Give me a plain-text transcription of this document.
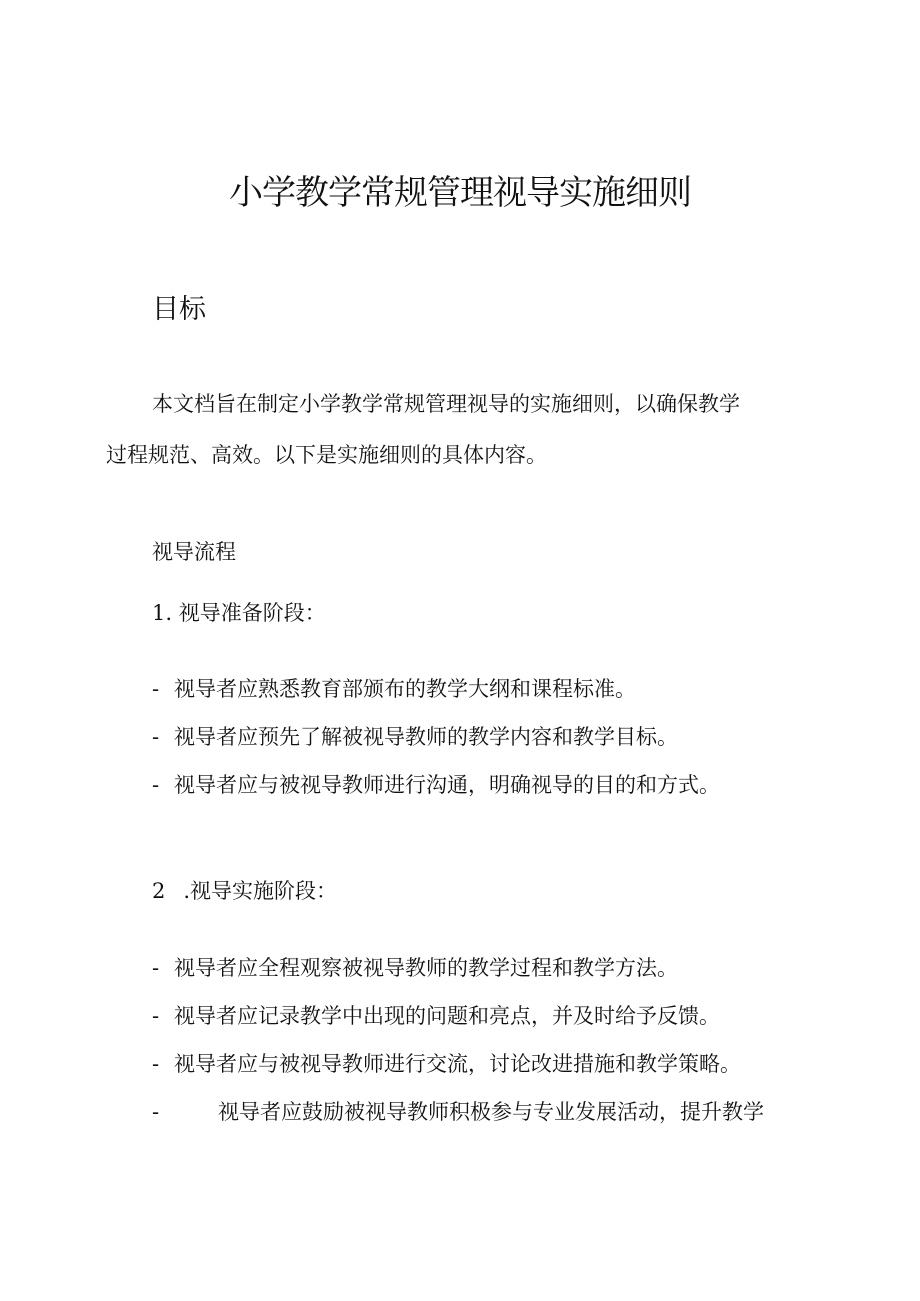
小学教学常规管理视导实施细则
目标
本文档旨在制定小学教学常规管理视导的实施细则，以确保教学
过程规范、高效。以下是实施细则的具体内容。
视导流程
1. 视导准备阶段：
- 视导者应熟悉教育部颁布的教学大纲和课程标准。
- 视导者应预先了解被视导教师的教学内容和教学目标。
- 视导者应与被视导教师进行沟通，明确视导的目的和方式。
2 .视导实施阶段：
- 视导者应全程观察被视导教师的教学过程和教学方法。
- 视导者应记录教学中出现的问题和亮点，并及时给予反馈。
- 视导者应与被视导教师进行交流，讨论改进措施和教学策略。
-	视导者应鼓励被视导教师积极参与专业发展活动，提升教学
